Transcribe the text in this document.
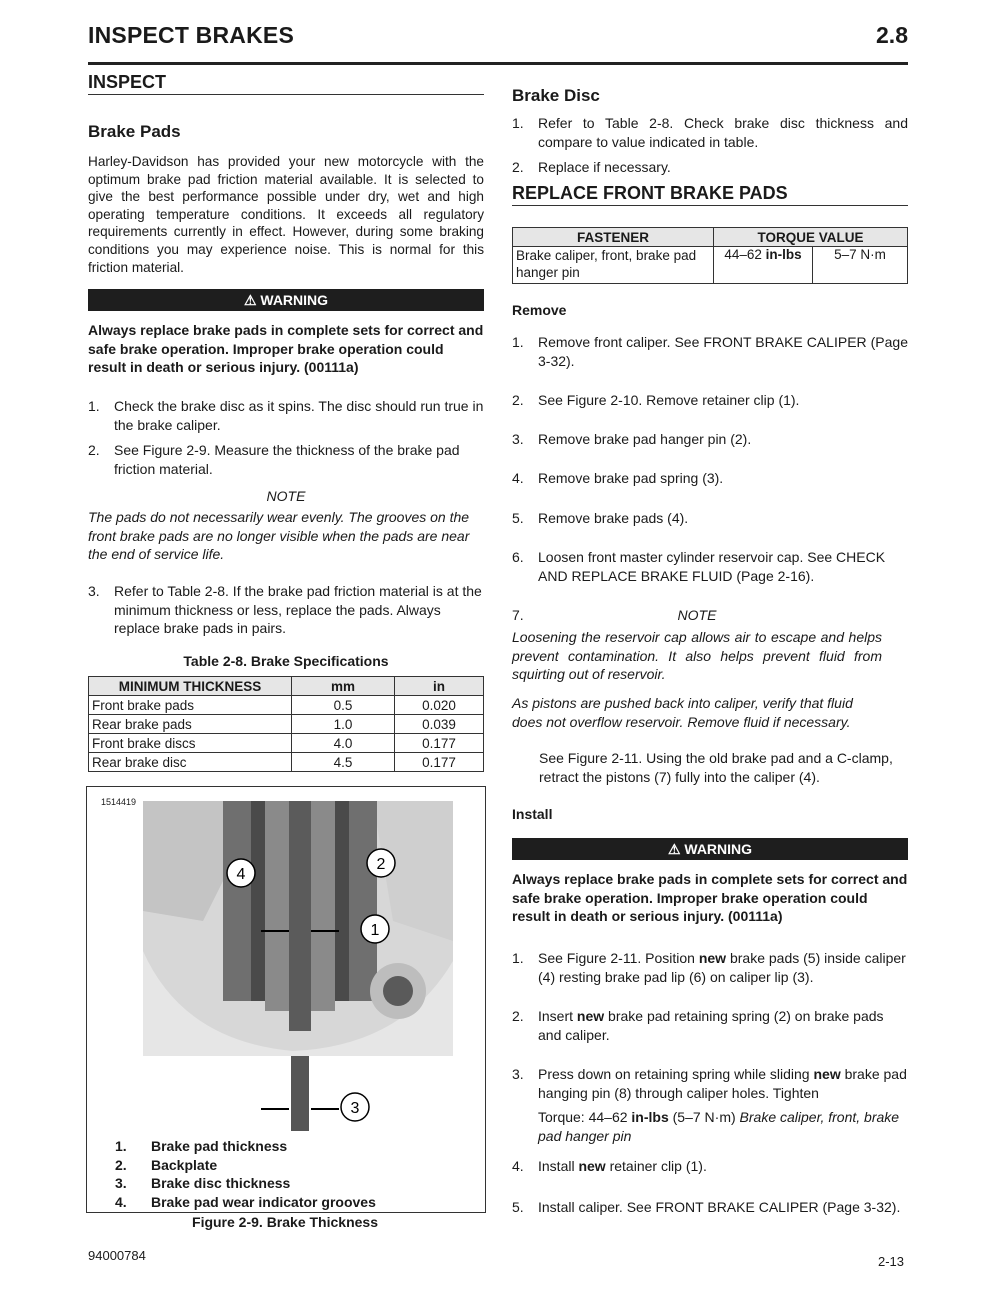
INSPECT BRAKES	2.8
INSPECT
Brake Pads
Harley-Davidson has provided your new motorcycle with the optimum brake pad friction material available. It is selected to give the best performance possible under dry, wet and high operating temperature conditions. It exceeds all regulatory requirements currently in effect. However, during some braking conditions you may experience noise. This is normal for this friction material.
⚠ WARNING
Always replace brake pads in complete sets for correct and safe brake operation. Improper brake operation could result in death or serious injury. (00111a)
1.	Check the brake disc as it spins. The disc should run true in the brake caliper.
2.	See Figure 2-9. Measure the thickness of the brake pad friction material.
NOTE
The pads do not necessarily wear evenly. The grooves on the front brake pads are no longer visible when the pads are near the end of service life.
3.	Refer to Table 2-8. If the brake pad friction material is at the minimum thickness or less, replace the pads. Always replace brake pads in pairs.
Table 2-8. Brake Specifications
MINIMUM THICKNESS	mm	in
Front brake pads	0.5	0.020
Rear brake pads	1.0	0.039
Front brake discs	4.0	0.177
Rear brake disc	4.5	0.177
1514419
4
2
1
3
1.	Brake pad thickness
2.	Backplate
3.	Brake disc thickness
4.	Brake pad wear indicator grooves
Figure 2-9. Brake Thickness
Brake Disc
1.	Refer to Table 2-8. Check brake disc thickness and compare to value indicated in table.
2.	Replace if necessary.
REPLACE FRONT BRAKE PADS
FASTENER	TORQUE VALUE	
Brake caliper, front, brake pad hanger pin	44–62 in-lbs	5–7 N·m
Remove
1.	Remove front caliper. See FRONT BRAKE CALIPER (Page 3-32).
2.	See Figure 2-10. Remove retainer clip (1).
3.	Remove brake pad hanger pin (2).
4.	Remove brake pad spring (3).
5.	Remove brake pads (4).
6.	Loosen front master cylinder reservoir cap. See CHECK AND REPLACE BRAKE FLUID (Page 2-16).
7.	NOTE
Loosening the reservoir cap allows air to escape and helps prevent contamination. It also helps prevent fluid from squirting out of reservoir.
As pistons are pushed back into caliper, verify that fluid does not overflow reservoir. Remove fluid if necessary.
See Figure 2-11. Using the old brake pad and a C-clamp, retract the pistons (7) fully into the caliper (4).
Install
⚠ WARNING
Always replace brake pads in complete sets for correct and safe brake operation. Improper brake operation could result in death or serious injury. (00111a)
1.	See Figure 2-11. Position new brake pads (5) inside caliper (4) resting brake pad lip (6) on caliper lip (3).
2.	Insert new brake pad retaining spring (2) on brake pads and caliper.
3.	Press down on retaining spring while sliding new brake pad hanging pin (8) through caliper holes. Tighten
Torque: 44–62 in-lbs (5–7 N·m) Brake caliper, front, brake pad hanger pin
4.	Install new retainer clip (1).
5.	Install caliper. See FRONT BRAKE CALIPER (Page 3-32).
94000784	2-13
